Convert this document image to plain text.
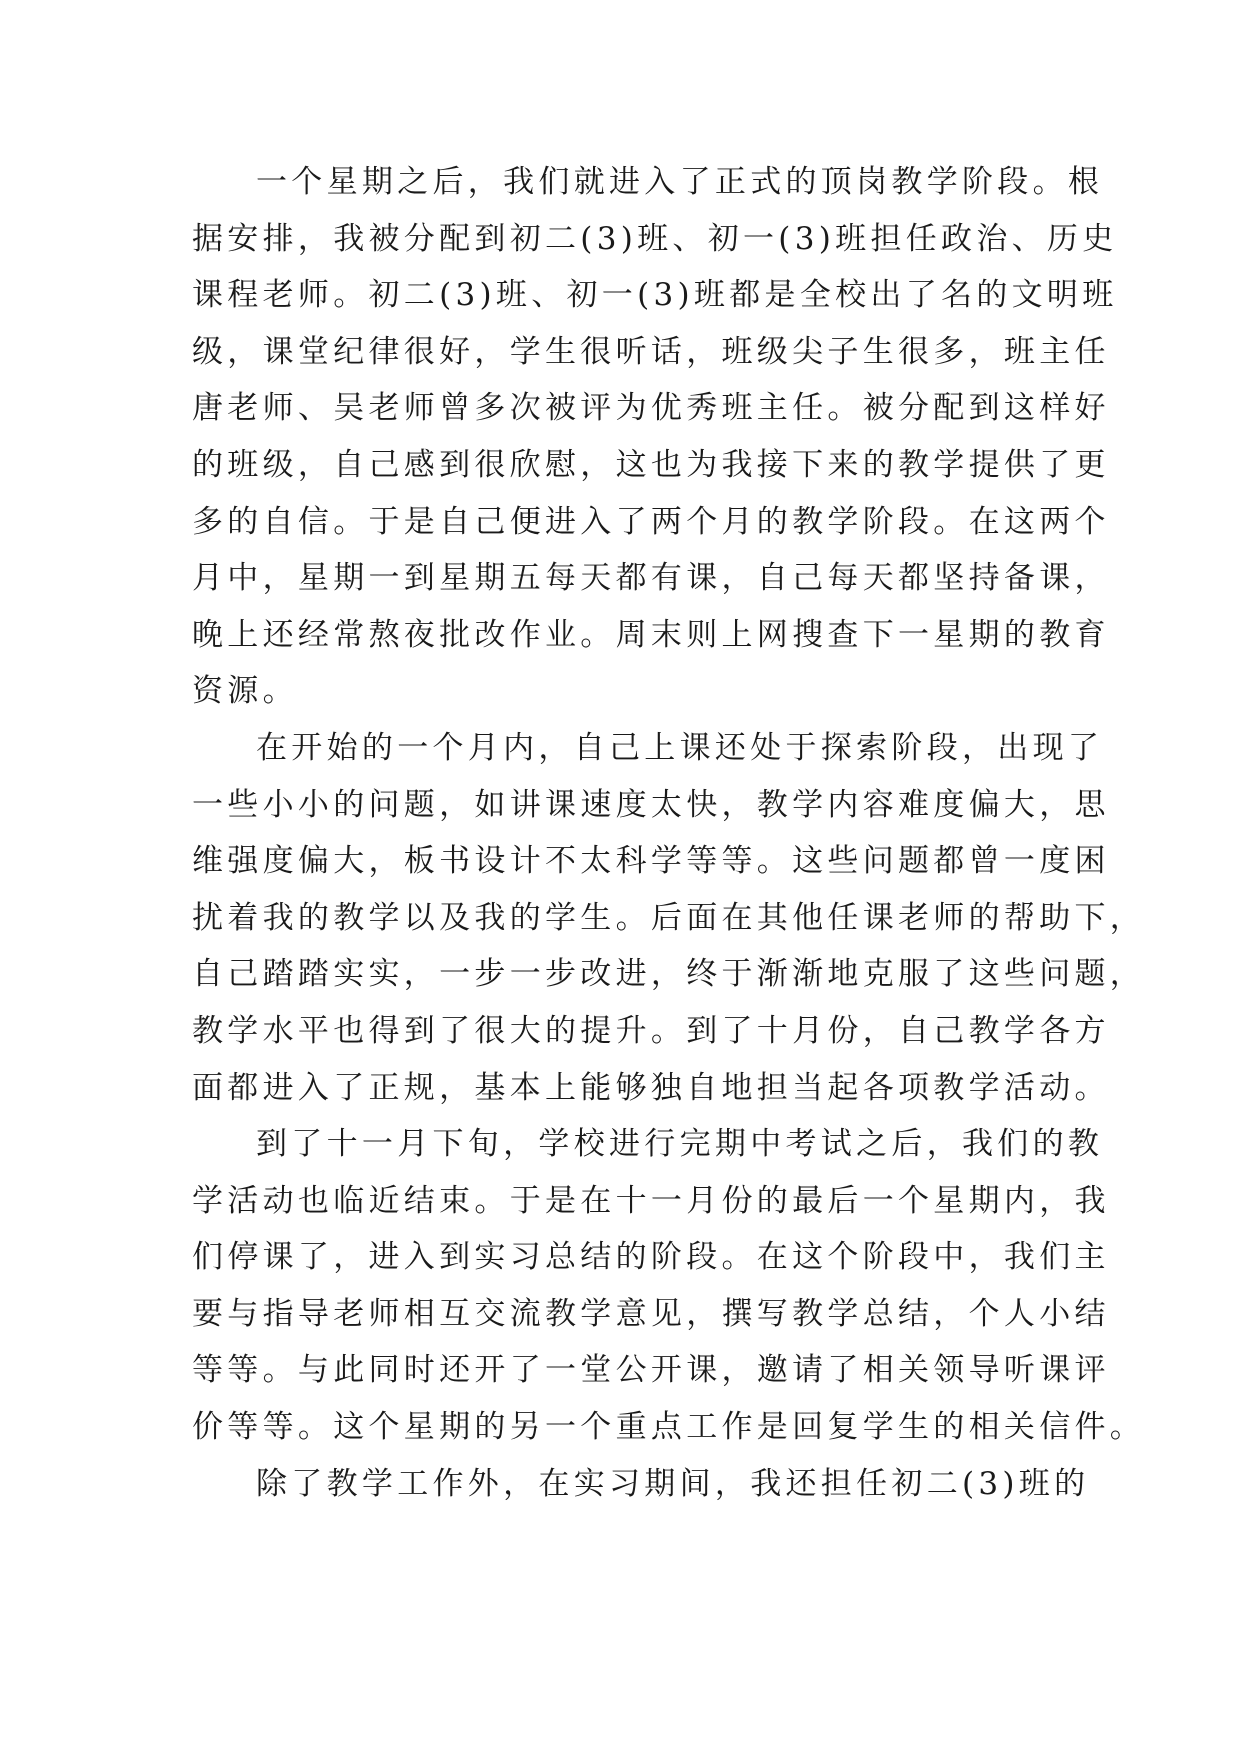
一个星期之后，我们就进入了正式的顶岗教学阶段。根
据安排，我被分配到初二(3)班、初一(3)班担任政治、历史
课程老师。初二(3)班、初一(3)班都是全校出了名的文明班
级，课堂纪律很好，学生很听话，班级尖子生很多，班主任
唐老师、吴老师曾多次被评为优秀班主任。被分配到这样好
的班级，自己感到很欣慰，这也为我接下来的教学提供了更
多的自信。于是自己便进入了两个月的教学阶段。在这两个
月中，星期一到星期五每天都有课，自己每天都坚持备课，
晚上还经常熬夜批改作业。周末则上网搜查下一星期的教育
资源。
在开始的一个月内，自己上课还处于探索阶段，出现了
一些小小的问题，如讲课速度太快，教学内容难度偏大，思
维强度偏大，板书设计不太科学等等。这些问题都曾一度困
扰着我的教学以及我的学生。后面在其他任课老师的帮助下，
自己踏踏实实，一步一步改进，终于渐渐地克服了这些问题，
教学水平也得到了很大的提升。到了十月份，自己教学各方
面都进入了正规，基本上能够独自地担当起各项教学活动。
到了十一月下旬，学校进行完期中考试之后，我们的教
学活动也临近结束。于是在十一月份的最后一个星期内，我
们停课了，进入到实习总结的阶段。在这个阶段中，我们主
要与指导老师相互交流教学意见，撰写教学总结，个人小结
等等。与此同时还开了一堂公开课，邀请了相关领导听课评
价等等。这个星期的另一个重点工作是回复学生的相关信件。
除了教学工作外，在实习期间，我还担任初二(3)班的
